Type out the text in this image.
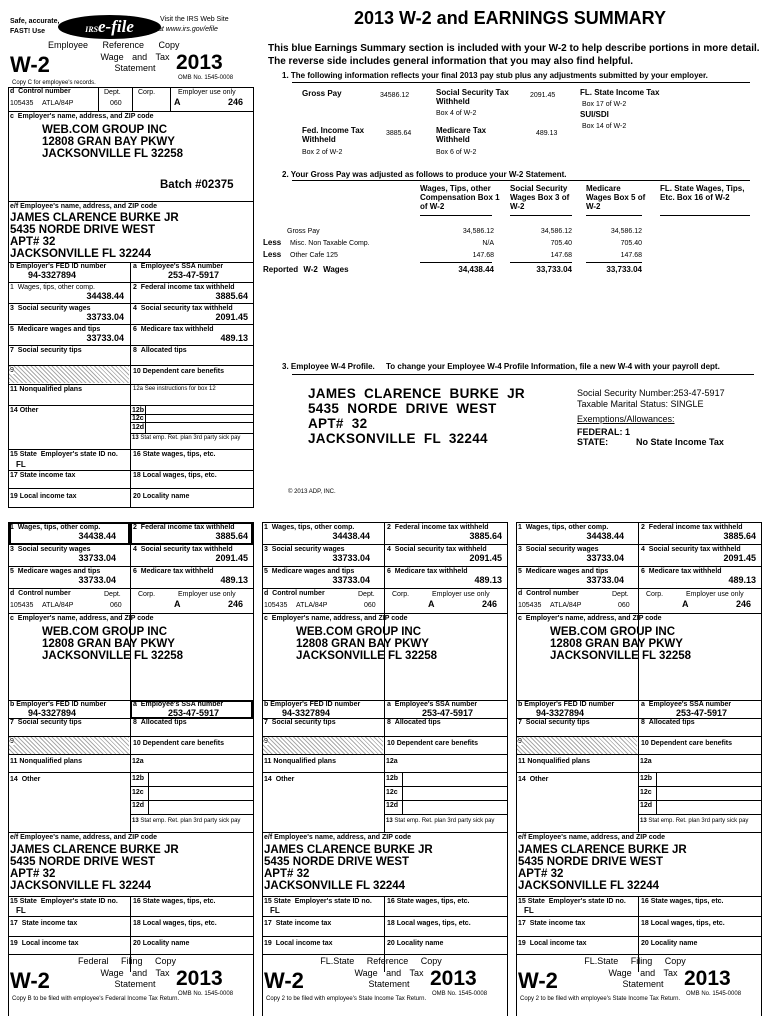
Safe, accurate,
FAST! Use	IRSe-file	Visit the IRS Web Site
at www.irs.gov/efile
Employee Reference Copy
Wage and Tax Statement
W-2	2013
OMB No. 1545-0008
Copy C for employee's records.
d  Control number	Dept. Corp.	Employer use only
105435 ATLA/84P	060	A	246
c  Employer's name, address, and ZIP code
WEB.COM GROUP INC
12808 GRAN BAY PKWY
JACKSONVILLE FL 32258
Batch #02375
e/f Employee's name, address, and ZIP code
JAMES CLARENCE BURKE JR
5435 NORDE DRIVE WEST
APT# 32
JACKSONVILLE FL 32244
b Employer's FED ID number
94-3327894
a  Employee's SSA number
253-47-5917
1  Wages, tips, other comp.
34438.44
2  Federal income tax withheld
3885.64
3  Social security wages
33733.04
4  Social security tax withheld
2091.45
5  Medicare wages and tips
33733.04
6  Medicare tax withheld
489.13
7  Social security tips	8  Allocated tips
9	10 Dependent care benefits
11 Nonqualified plans	12a See instructions for box 12
14 Other	12b
12c
12d
13 Stat emp. Ret. plan 3rd party sick pay
15 State Employer's state ID no.
FL
16 State wages, tips, etc.
17 State income tax	18 Local wages, tips, etc.
19 Local income tax	20 Locality name
2013 W-2 and EARNINGS SUMMARY
This blue Earnings Summary section is included with your W-2 to help describe portions in more detail.
The reverse side includes general information that you may also find helpful.
1. The following information reflects your final 2013 pay stub plus any adjustments submitted by your employer.
Gross Pay	34586.12	Social Security Tax Withheld
2091.45
Box 4 of W-2
FL. State Income Tax
Box 17 of W-2
SUI/SDI
Box 14 of W-2
Fed. Income Tax Withheld
3885.64
Box 2 of W-2
Medicare Tax Withheld
489.13
Box 6 of W-2
2. Your Gross Pay was adjusted as follows to produce your W-2 Statement.
Wages, Tips, other Compensation Box 1 of W-2
Social Security Wages Box 3 of W-2
Medicare Wages Box 5 of W-2
FL. State Wages, Tips, Etc. Box 16 of W-2
Gross Pay	34,586.12	34,586.12	34,586.12
Less Misc. Non Taxable Comp.	N/A	705.40	705.40
Less Other Cafe 125	147.68	147.68	147.68
Reported W-2 Wages	34,438.44	33,733.04	33,733.04
3. Employee W-4 Profile. To change your Employee W-4 Profile Information, file a new W-4 with your payroll dept.
JAMES CLARENCE BURKE JR
5435 NORDE DRIVE WEST
APT# 32
JACKSONVILLE FL 32244
Social Security Number:253-47-5917
Taxable Marital Status: SINGLE
Exemptions/Allowances:
FEDERAL: 1
STATE:	No State Income Tax
© 2013 ADP, INC.
1  Wages, tips, other comp.
34438.44
2  Federal income tax withheld
3885.64
3  Social security wages
33733.04
4  Social security tax withheld
2091.45
5  Medicare wages and tips
33733.04
6  Medicare tax withheld
489.13
d  Control number	Dept. Corp.	Employer use only
105435 ATLA/84P	060	A	246
c  Employer's name, address, and ZIP code
WEB.COM GROUP INC
12808 GRAN BAY PKWY
JACKSONVILLE FL 32258
b Employer's FED ID number
94-3327894
a  Employee's SSA number
253-47-5917
7  Social security tips	8  Allocated tips
9	10 Dependent care benefits
11 Nonqualified plans	12a
14  Other	12b
12c
12d
13 Stat emp. Ret. plan 3rd party sick pay
e/f Employee's name, address, and ZIP code
JAMES CLARENCE BURKE JR
5435 NORDE DRIVE WEST
APT# 32
JACKSONVILLE FL 32244
15 State Employer's state ID no.
FL
16 State wages, tips, etc.
17  State income tax	18 Local wages, tips, etc.
19  Local income tax	20 Locality name
Federal Filing Copy
Wage and Tax Statement
W-2	2013
OMB No. 1545-0008
Copy B to be filed with employee's Federal Income Tax Return.
1  Wages, tips, other comp.
34438.44
2  Federal income tax withheld
3885.64
3  Social security wages
33733.04
4  Social security tax withheld
2091.45
5  Medicare wages and tips
33733.04
6  Medicare tax withheld
489.13
d  Control number	Dept. Corp.	Employer use only
105435 ATLA/84P	060	A	246
c  Employer's name, address, and ZIP code
WEB.COM GROUP INC
12808 GRAN BAY PKWY
JACKSONVILLE FL 32258
b Employer's FED ID number
94-3327894
a  Employee's SSA number
253-47-5917
7  Social security tips	8  Allocated tips
9	10 Dependent care benefits
11 Nonqualified plans	12a
14  Other	12b
12c
12d
13 Stat emp. Ret. plan 3rd party sick pay
e/f Employee's name, address, and ZIP code
JAMES CLARENCE BURKE JR
5435 NORDE DRIVE WEST
APT# 32
JACKSONVILLE FL 32244
15 State Employer's state ID no.
FL
16 State wages, tips, etc.
17  State income tax	18 Local wages, tips, etc.
19  Local income tax	20 Locality name
FL.State Reference Copy
Wage and Tax Statement
W-2	2013
OMB No. 1545-0008
Copy 2 to be filed with employee's State Income Tax Return.
1  Wages, tips, other comp.
34438.44
2  Federal income tax withheld
3885.64
3  Social security wages
33733.04
4  Social security tax withheld
2091.45
5  Medicare wages and tips
33733.04
6  Medicare tax withheld
489.13
d  Control number	Dept. Corp.	Employer use only
105435 ATLA/84P	060	A	246
c  Employer's name, address, and ZIP code
WEB.COM GROUP INC
12808 GRAN BAY PKWY
JACKSONVILLE FL 32258
b Employer's FED ID number
94-3327894
a  Employee's SSA number
253-47-5917
7  Social security tips	8  Allocated tips
9	10 Dependent care benefits
11 Nonqualified plans	12a
14  Other	12b
12c
12d
13 Stat emp. Ret. plan 3rd party sick pay
e/f Employee's name, address, and ZIP code
JAMES CLARENCE BURKE JR
5435 NORDE DRIVE WEST
APT# 32
JACKSONVILLE FL 32244
15 State Employer's state ID no.
FL
16 State wages, tips, etc.
17  State income tax	18 Local wages, tips, etc.
19  Local income tax	20 Locality name
FL.State Filing Copy
Wage and Tax Statement
W-2	2013
OMB No. 1545-0008
Copy 2 to be filed with employee's State Income Tax Return.
